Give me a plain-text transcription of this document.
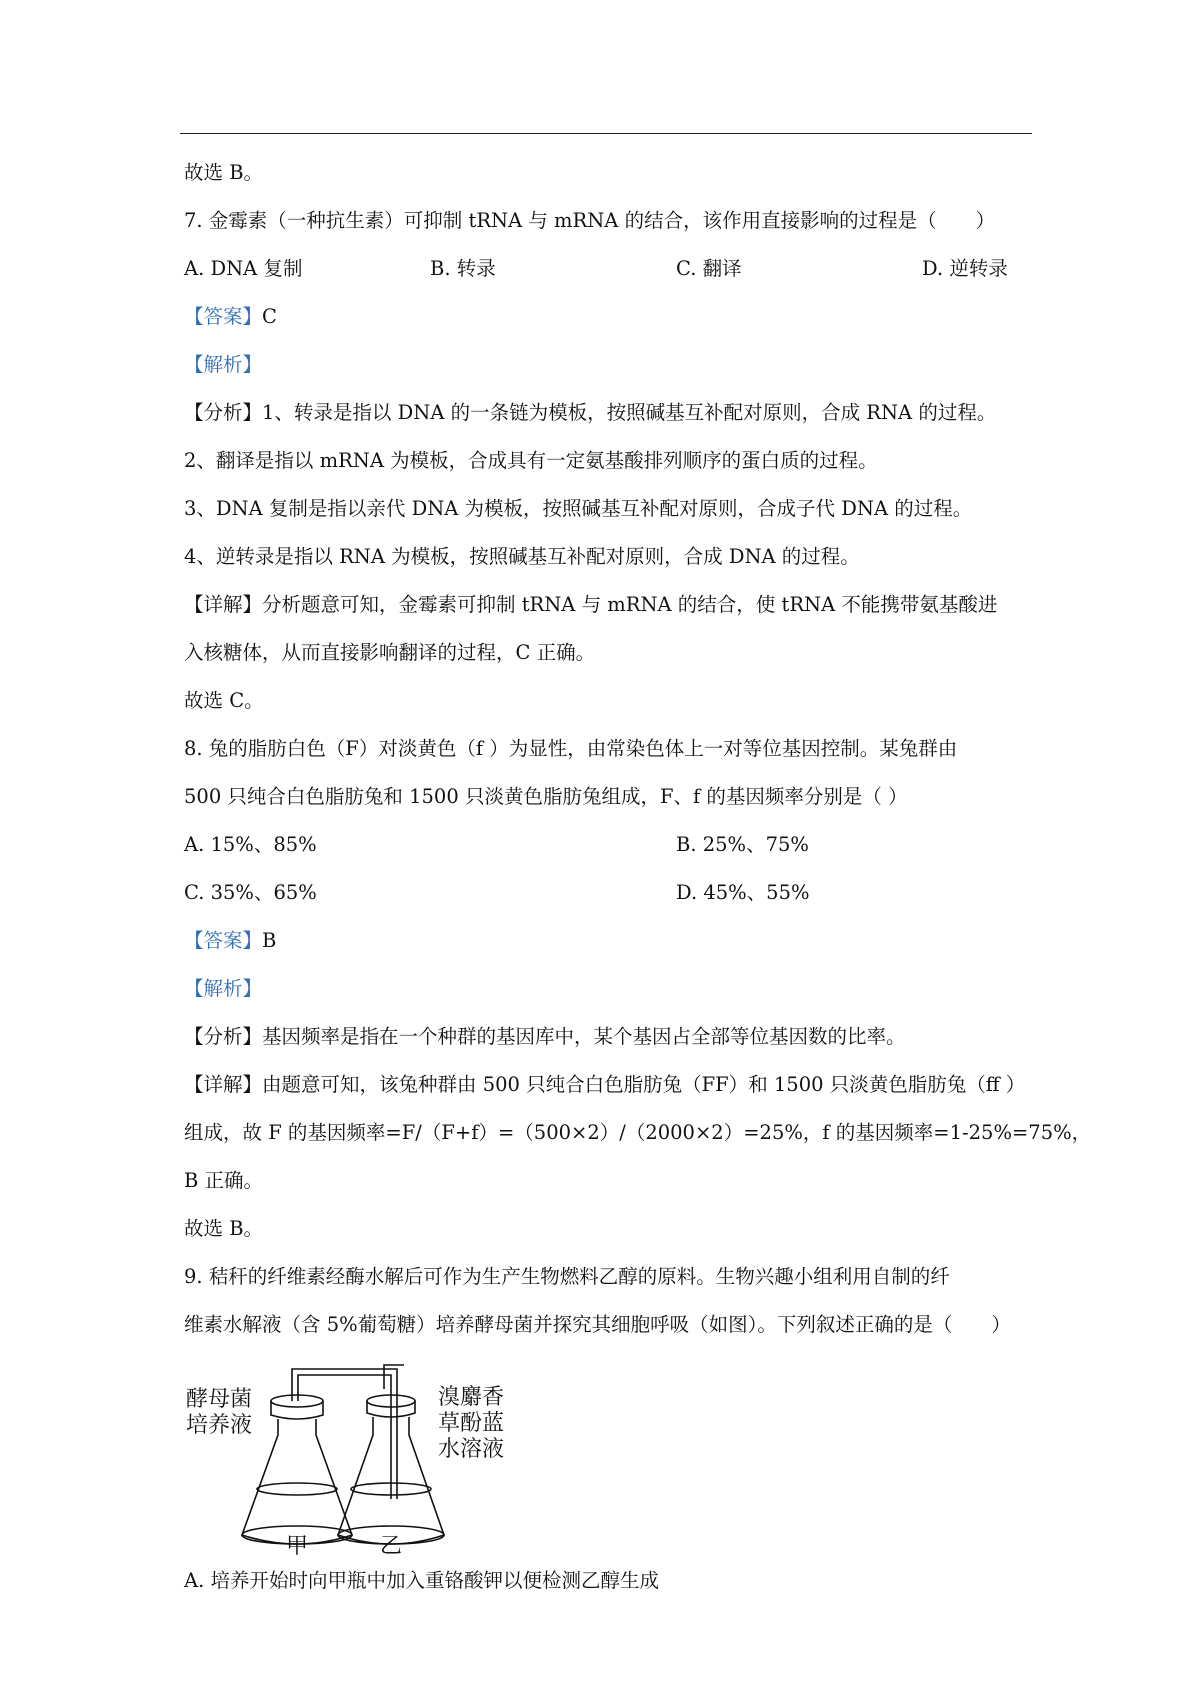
故选 B。
7. 金霉素（一种抗生素）可抑制 tRNA 与 mRNA 的结合，该作用直接影响的过程是（　　）
A. DNA 复制	B. 转录	C. 翻译	D. 逆转录
【答案】C
【解析】
【分析】1、转录是指以 DNA 的一条链为模板，按照碱基互补配对原则，合成 RNA 的过程。
2、翻译是指以 mRNA 为模板，合成具有一定氨基酸排列顺序的蛋白质的过程。
3、DNA 复制是指以亲代 DNA 为模板，按照碱基互补配对原则，合成子代 DNA 的过程。
4、逆转录是指以 RNA 为模板，按照碱基互补配对原则，合成 DNA 的过程。
【详解】分析题意可知，金霉素可抑制 tRNA 与 mRNA 的结合，使 tRNA 不能携带氨基酸进
入核糖体，从而直接影响翻译的过程，C 正确。
故选 C。
8. 兔的脂肪白色（F）对淡黄色（f ）为显性，由常染色体上一对等位基因控制。某兔群由
500 只纯合白色脂肪兔和 1500 只淡黄色脂肪兔组成，F、f 的基因频率分别是（ ）
A. 15%、85%	B. 25%、75%
C. 35%、65%	D. 45%、55%
【答案】B
【解析】
【分析】基因频率是指在一个种群的基因库中，某个基因占全部等位基因数的比率。
【详解】由题意可知，该兔种群由 500 只纯合白色脂肪兔（FF）和 1500 只淡黄色脂肪兔（ff ）
组成，故 F 的基因频率=F/（F+f）=（500×2）/（2000×2）=25%，f 的基因频率=1-25%=75%，
B 正确。
故选 B。
9. 秸秆的纤维素经酶水解后可作为生产生物燃料乙醇的原料。生物兴趣小组利用自制的纤
维素水解液（含 5%葡萄糖）培养酵母菌并探究其细胞呼吸（如图）。下列叙述正确的是（　　）
酵母菌
培养液
溴麝香
草酚蓝
水溶液
甲	乙
A. 培养开始时向甲瓶中加入重铬酸钾以便检测乙醇生成
